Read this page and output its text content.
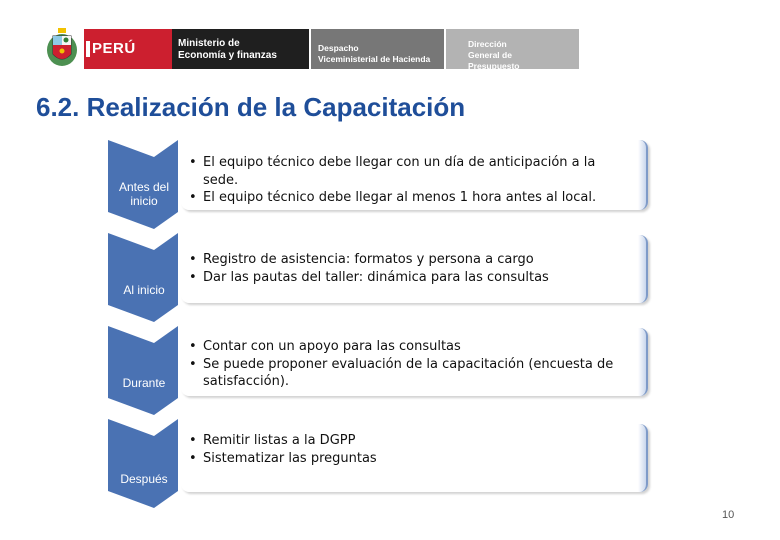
PERÚ	Ministerio de
Economía y finanzas
Despacho
Viceministerial de Hacienda
Dirección General de
Presupuesto Público
6.2. Realización de la Capacitación
Antes del
inicio
Al inicio
Durante
Después
• El equipo técnico debe llegar con un día de anticipación a la sede.
• El equipo técnico debe llegar al menos 1 hora antes al local.
• Registro de asistencia: formatos y persona a cargo
• Dar las pautas del taller: dinámica para las consultas
• Contar con un apoyo para las consultas
• Se puede proponer evaluación de la capacitación (encuesta de satisfacción).
• Remitir listas a la DGPP
• Sistematizar las preguntas
10
